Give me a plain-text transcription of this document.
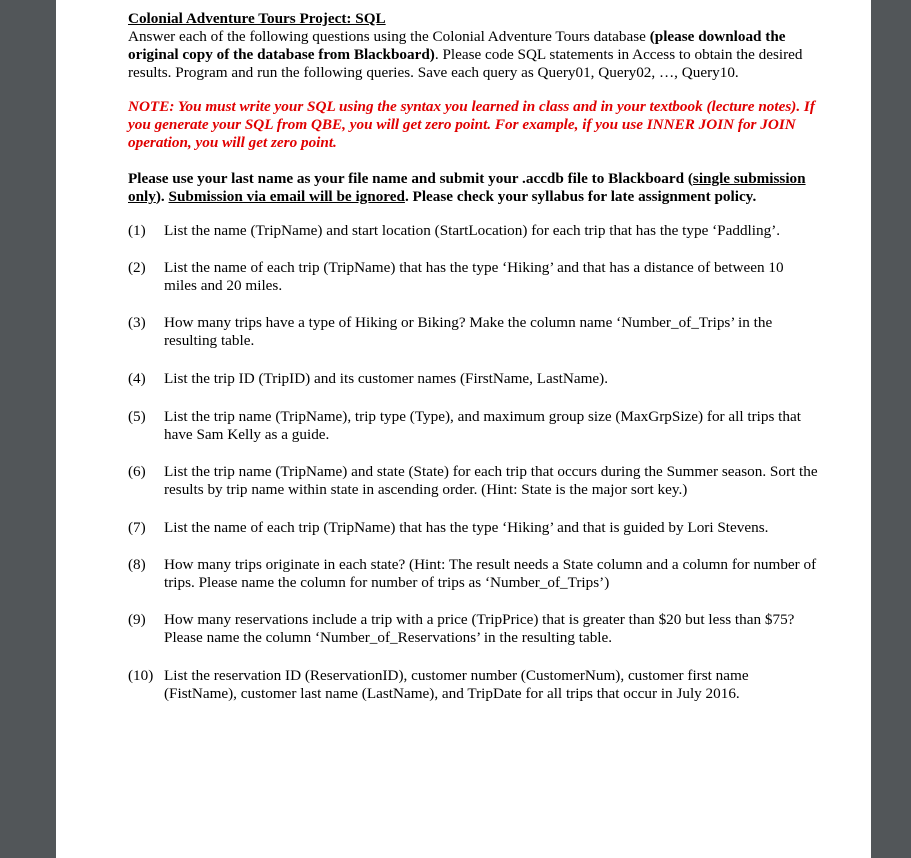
Colonial Adventure Tours Project: SQL

Answer each of the following questions using the Colonial Adventure Tours database (please download the original copy of the database from Blackboard). Please code SQL statements in Access to obtain the desired results. Program and run the following queries. Save each query as Query01, Query02, …, Query10.

NOTE: You must write your SQL using the syntax you learned in class and in your textbook (lecture notes). If you generate your SQL from QBE, you will get zero point. For example, if you use INNER JOIN for JOIN operation, you will get zero point.

Please use your last name as your file name and submit your .accdb file to Blackboard (single submission only). Submission via email will be ignored. Please check your syllabus for late assignment policy.

(1) List the name (TripName) and start location (StartLocation) for each trip that has the type ‘Paddling’.
(2) List the name of each trip (TripName) that has the type ‘Hiking’ and that has a distance of between 10 miles and 20 miles.
(3) How many trips have a type of Hiking or Biking? Make the column name ‘Number_of_Trips’ in the resulting table.
(4) List the trip ID (TripID) and its customer names (FirstName, LastName).
(5) List the trip name (TripName), trip type (Type), and maximum group size (MaxGrpSize) for all trips that have Sam Kelly as a guide.
(6) List the trip name (TripName) and state (State) for each trip that occurs during the Summer season. Sort the results by trip name within state in ascending order. (Hint: State is the major sort key.)
(7) List the name of each trip (TripName) that has the type ‘Hiking’ and that is guided by Lori Stevens.
(8) How many trips originate in each state? (Hint: The result needs a State column and a column for number of trips. Please name the column for number of trips as ‘Number_of_Trips’)
(9) How many reservations include a trip with a price (TripPrice) that is greater than $20 but less than $75? Please name the column ‘Number_of_Reservations’ in the resulting table.
(10) List the reservation ID (ReservationID), customer number (CustomerNum), customer first name (FistName), customer last name (LastName), and TripDate for all trips that occur in July 2016.
